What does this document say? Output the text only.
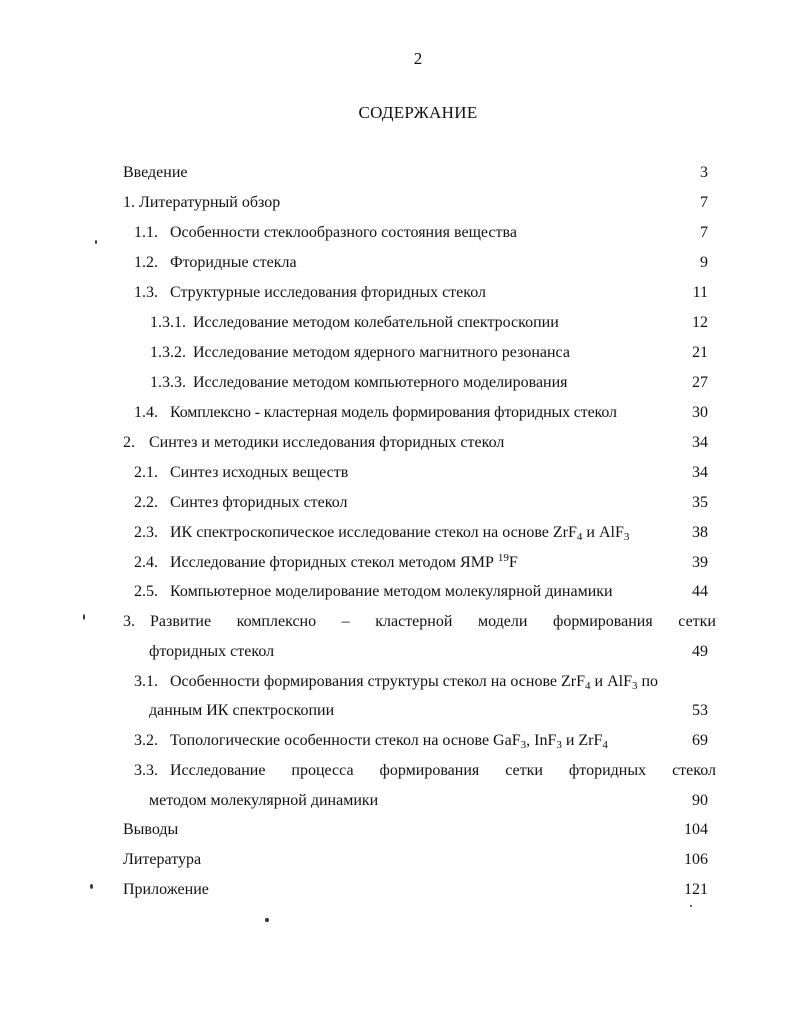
2
СОДЕРЖАНИЕ
Введение	3
1. Литературный обзор	7
1.1. Особенности стеклообразного состояния вещества	7
1.2. Фторидные стекла	9
1.3. Структурные исследования фторидных стекол	11
1.3.1. Исследование методом колебательной спектроскопии	12
1.3.2. Исследование методом ядерного магнитного резонанса	21
1.3.3. Исследование методом компьютерного моделирования	27
1.4. Комплексно - кластерная модель формирования фторидных стекол	30
2. Синтез и методики исследования фторидных стекол	34
2.1. Синтез исходных веществ	34
2.2. Синтез фторидных стекол	35
2.3. ИК спектроскопическое исследование стекол на основе ZrF$_4$ и AlF$_3$	38
2.4. Исследование фторидных стекол методом ЯМР $^{19}$F	39
2.5. Компьютерное моделирование методом молекулярной динамики	44
3. Развитие комплексно – кластерной модели формирования сетки
фторидных стекол	49
3.1. Особенности формирования структуры стекол на основе ZrF$_4$ и AlF$_3$ по
данным ИК спектроскопии	53
3.2. Топологические особенности стекол на основе GaF$_3$, InF$_3$ и ZrF$_4$	69
3.3. Исследование процесса формирования сетки фторидных стекол
методом молекулярной динамики	90
Выводы	104
Литература	106
Приложение	121
